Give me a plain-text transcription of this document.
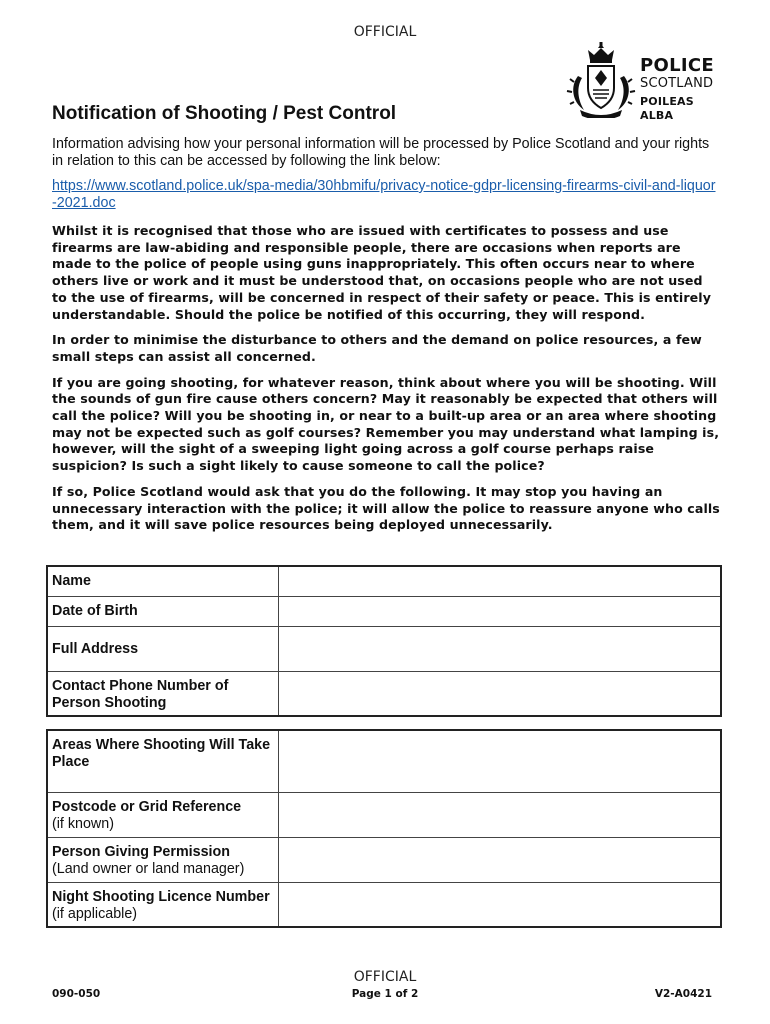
OFFICIAL
POLICE
SCOTLAND
POILEAS ALBA
Notification of Shooting / Pest Control

Information advising how your personal information will be processed by Police Scotland and your rights in relation to this can be accessed by following the link below:

https://www.scotland.police.uk/spa-media/30hbmifu/privacy-notice-gdpr-licensing-firearms-civil-and-liquor-2021.doc

Whilst it is recognised that those who are issued with certificates to possess and use firearms are law-abiding and responsible people, there are occasions when reports are made to the police of people using guns inappropriately. This often occurs near to where others live or work and it must be understood that, on occasions people who are not used to the use of firearms, will be concerned in respect of their safety or peace. This is entirely understandable. Should the police be notified of this occurring, they will respond.

In order to minimise the disturbance to others and the demand on police resources, a few small steps can assist all concerned.

If you are going shooting, for whatever reason, think about where you will be shooting. Will the sounds of gun fire cause others concern? May it reasonably be expected that others will call the police? Will you be shooting in, or near to a built-up area or an area where shooting may not be expected such as golf courses? Remember you may understand what lamping is, however, will the sight of a sweeping light going across a golf course perhaps raise suspicion? Is such a sight likely to cause someone to call the police?

If so, Police Scotland would ask that you do the following. It may stop you having an unnecessary interaction with the police; it will allow the police to reassure anyone who calls them, and it will save police resources being deployed unnecessarily.

Name	
Date of Birth	
Full Address	
Contact Phone Number of Person Shooting	
Areas Where Shooting Will Take Place	
Postcode or Grid Reference
(if known)	
Person Giving Permission
(Land owner or land manager)	
Night Shooting Licence Number (if applicable)	
OFFICIAL
090-050	Page 1 of 2	V2-A0421
